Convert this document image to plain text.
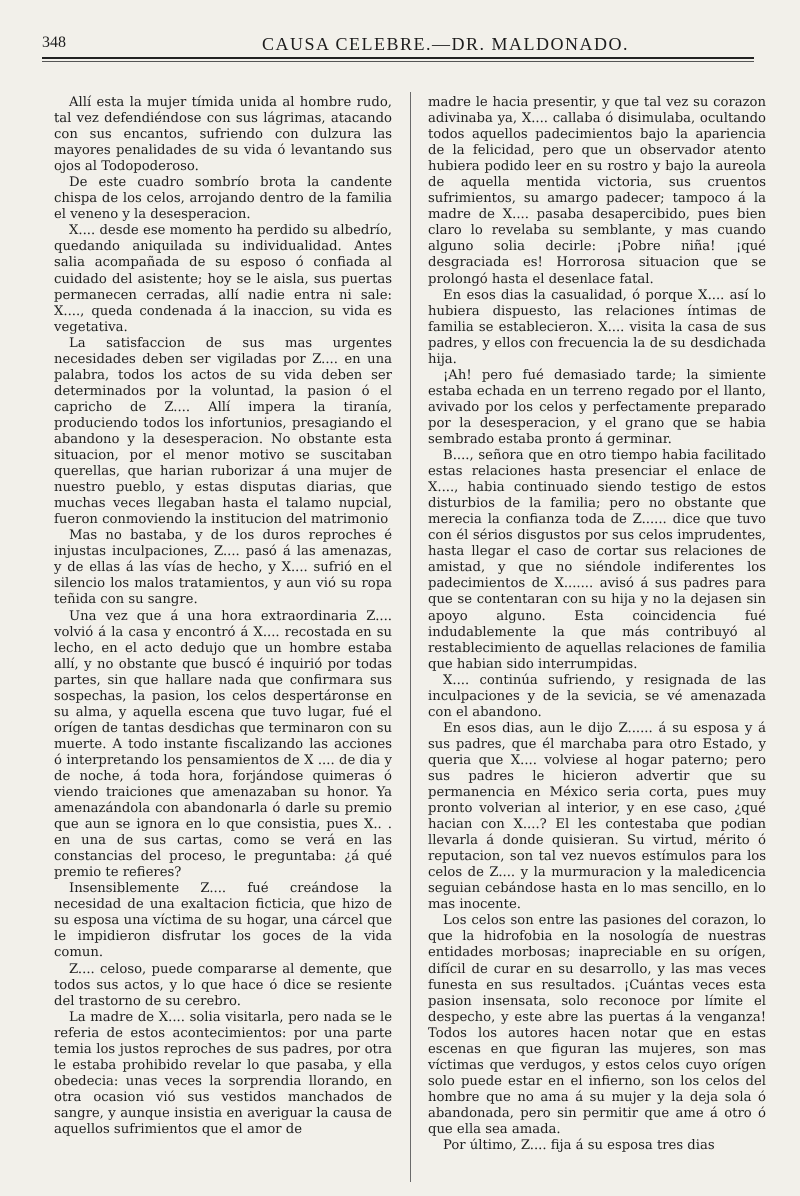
348	CAUSA CELEBRE.—DR. MALDONADO.

Allí esta la mujer tímida unida al hombre rudo, tal vez defendiéndose con sus lágrimas, atacando con sus encantos, sufriendo con dulzura las mayores penalidades de su vida ó levantando sus ojos al Todopoderoso.

De este cuadro sombrío brota la candente chispa de los celos, arrojando dentro de la familia el veneno y la desesperacion.

X.... desde ese momento ha perdido su albedrío, quedando aniquilada su individualidad. Antes salia acompañada de su esposo ó confiada al cuidado del asistente; hoy se le aisla, sus puertas permanecen cerradas, allí nadie entra ni sale: X...., queda condenada á la inaccion, su vida es vegetativa.

La satisfaccion de sus mas urgentes necesidades deben ser vigiladas por Z.... en una palabra, todos los actos de su vida deben ser determinados por la voluntad, la pasion ó el capricho de Z.... Allí impera la tiranía, produciendo todos los infortunios, presagiando el abandono y la desesperacion. No obstante esta situacion, por el menor motivo se suscitaban querellas, que harian ruborizar á una mujer de nuestro pueblo, y estas disputas diarias, que muchas veces llegaban hasta el talamo nupcial, fueron conmoviendo la institucion del matrimonio

Mas no bastaba, y de los duros reproches é injustas inculpaciones, Z.... pasó á las amenazas, y de ellas á las vías de hecho, y X.... sufrió en el silencio los malos tratamientos, y aun vió su ropa teñida con su sangre.

Una vez que á una hora extraordinaria Z.... volvió á la casa y encontró á X.... recostada en su lecho, en el acto dedujo que un hombre estaba allí, y no obstante que buscó é inquirió por todas partes, sin que hallare nada que confirmara sus sospechas, la pasion, los celos despertáronse en su alma, y aquella escena que tuvo lugar, fué el orígen de tantas desdichas que terminaron con su muerte. A todo instante fiscalizando las acciones ó interpretando los pensamientos de X .... de dia y de noche, á toda hora, forjándose quimeras ó viendo traiciones que amenazaban su honor. Ya amenazándola con abandonarla ó darle su premio que aun se ignora en lo que consistia, pues X.. . en una de sus cartas, como se verá en las constancias del proceso, le preguntaba: ¿á qué premio te refieres?

Insensiblemente Z.... fué creándose la necesidad de una exaltacion ficticia, que hizo de su esposa una víctima de su hogar, una cárcel que le impidieron disfrutar los goces de la vida comun.

Z.... celoso, puede compararse al demente, que todos sus actos, y lo que hace ó dice se resiente del trastorno de su cerebro.

La madre de X.... solia visitarla, pero nada se le referia de estos acontecimientos: por una parte temia los justos reproches de sus padres, por otra le estaba prohibido revelar lo que pasaba, y ella obedecia: unas veces la sorprendia llorando, en otra ocasion vió sus vestidos manchados de sangre, y aunque insistia en averiguar la causa de aquellos sufrimientos que el amor de

madre le hacia presentir, y que tal vez su corazon adivinaba ya, X.... callaba ó disimulaba, ocultando todos aquellos padecimientos bajo la apariencia de la felicidad, pero que un observador atento hubiera podido leer en su rostro y bajo la aureola de aquella mentida victoria, sus cruentos sufrimientos, su amargo padecer; tampoco á la madre de X.... pasaba desapercibido, pues bien claro lo revelaba su semblante, y mas cuando alguno solia decirle: ¡Pobre niña! ¡qué desgraciada es! Horrorosa situacion que se prolongó hasta el desenlace fatal.

En esos dias la casualidad, ó porque X.... así lo hubiera dispuesto, las relaciones íntimas de familia se establecieron. X.... visita la casa de sus padres, y ellos con frecuencia la de su desdichada hija.

¡Ah! pero fué demasiado tarde; la simiente estaba echada en un terreno regado por el llanto, avivado por los celos y perfectamente preparado por la desesperacion, y el grano que se habia sembrado estaba pronto á germinar.

B...., señora que en otro tiempo habia facilitado estas relaciones hasta presenciar el enlace de X...., habia continuado siendo testigo de estos disturbios de la familia; pero no obstante que merecia la confianza toda de Z...... dice que tuvo con él sérios disgustos por sus celos imprudentes, hasta llegar el caso de cortar sus relaciones de amistad, y que no siéndole indiferentes los padecimientos de X....... avisó á sus padres para que se contentaran con su hija y no la dejasen sin apoyo alguno. Esta coincidencia fué indudablemente la que más contribuyó al restablecimiento de aquellas relaciones de familia que habian sido interrumpidas.

X.... continúa sufriendo, y resignada de las inculpaciones y de la sevicia, se vé amenazada con el abandono.

En esos dias, aun le dijo Z...... á su esposa y á sus padres, que él marchaba para otro Estado, y queria que X.... volviese al hogar paterno; pero sus padres le hicieron advertir que su permanencia en México seria corta, pues muy pronto volverian al interior, y en ese caso, ¿qué hacian con X....? El les contestaba que podian llevarla á donde quisieran. Su virtud, mérito ó reputacion, son tal vez nuevos estímulos para los celos de Z.... y la murmuracion y la maledicencia seguian cebándose hasta en lo mas sencillo, en lo mas inocente.

Los celos son entre las pasiones del corazon, lo que la hidrofobia en la nosología de nuestras entidades morbosas; inapreciable en su orígen, difícil de curar en su desarrollo, y las mas veces funesta en sus resultados. ¡Cuántas veces esta pasion insensata, solo reconoce por límite el despecho, y este abre las puertas á la venganza! Todos los autores hacen notar que en estas escenas en que figuran las mujeres, son mas víctimas que verdugos, y estos celos cuyo orígen solo puede estar en el infierno, son los celos del hombre que no ama á su mujer y la deja sola ó abandonada, pero sin permitir que ame á otro ó que ella sea amada.

Por último, Z.... fija á su esposa tres dias
